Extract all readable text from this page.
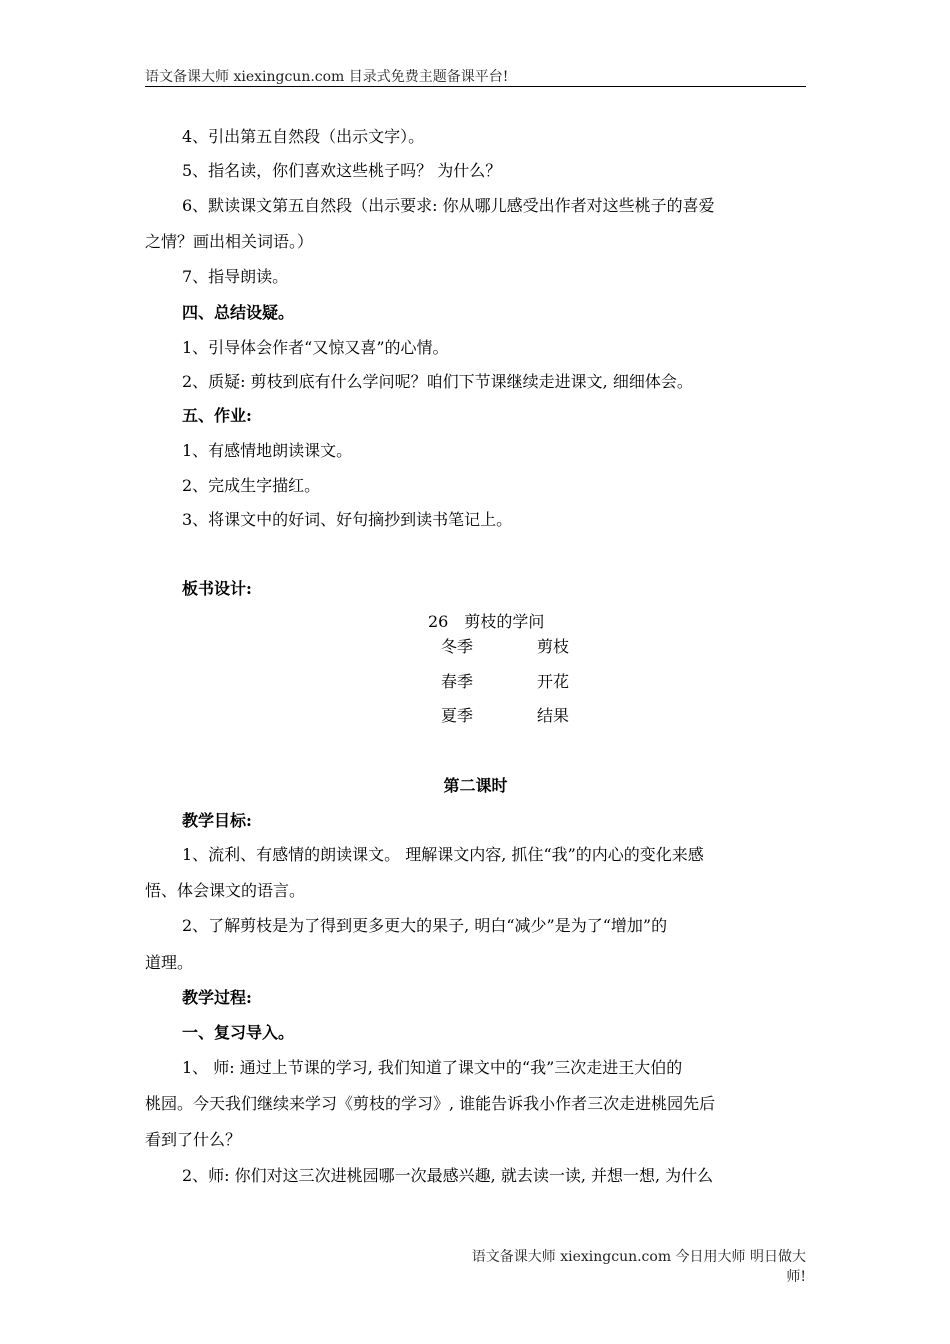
语文备课大师 xiexingcun.com 目录式免费主题备课平台!
4、引出第五自然段（出示文字）。
5、指名读，你们喜欢这些桃子吗？ 为什么？
6、默读课文第五自然段（出示要求: 你从哪儿感受出作者对这些桃子的喜爱
之情？画出相关词语。）
7、指导朗读。
四、总结设疑。
1、引导体会作者“又惊又喜”的心情。
2、质疑: 剪枝到底有什么学问呢？咱们下节课继续走进课文, 细细体会。
五、作业:
1、有感情地朗读课文。
2、完成生字描红。
3、将课文中的好词、好句摘抄到读书笔记上。
板书设计:
26　剪枝的学问
冬季	剪枝
春季	开花
夏季	结果
第二课时
教学目标:
1、流利、有感情的朗读课文。 理解课文内容, 抓住“我”的内心的变化来感
悟、体会课文的语言。
2、了解剪枝是为了得到更多更大的果子, 明白“减少”是为了“增加”的
道理。
教学过程:
一、复习导入。
1、 师: 通过上节课的学习, 我们知道了课文中的“我”三次走进王大伯的
桃园。今天我们继续来学习《剪枝的学习》, 谁能告诉我小作者三次走进桃园先后
看到了什么？
2、师: 你们对这三次进桃园哪一次最感兴趣, 就去读一读, 并想一想, 为什么
语文备课大师 xiexingcun.com 今日用大师 明日做大师!
